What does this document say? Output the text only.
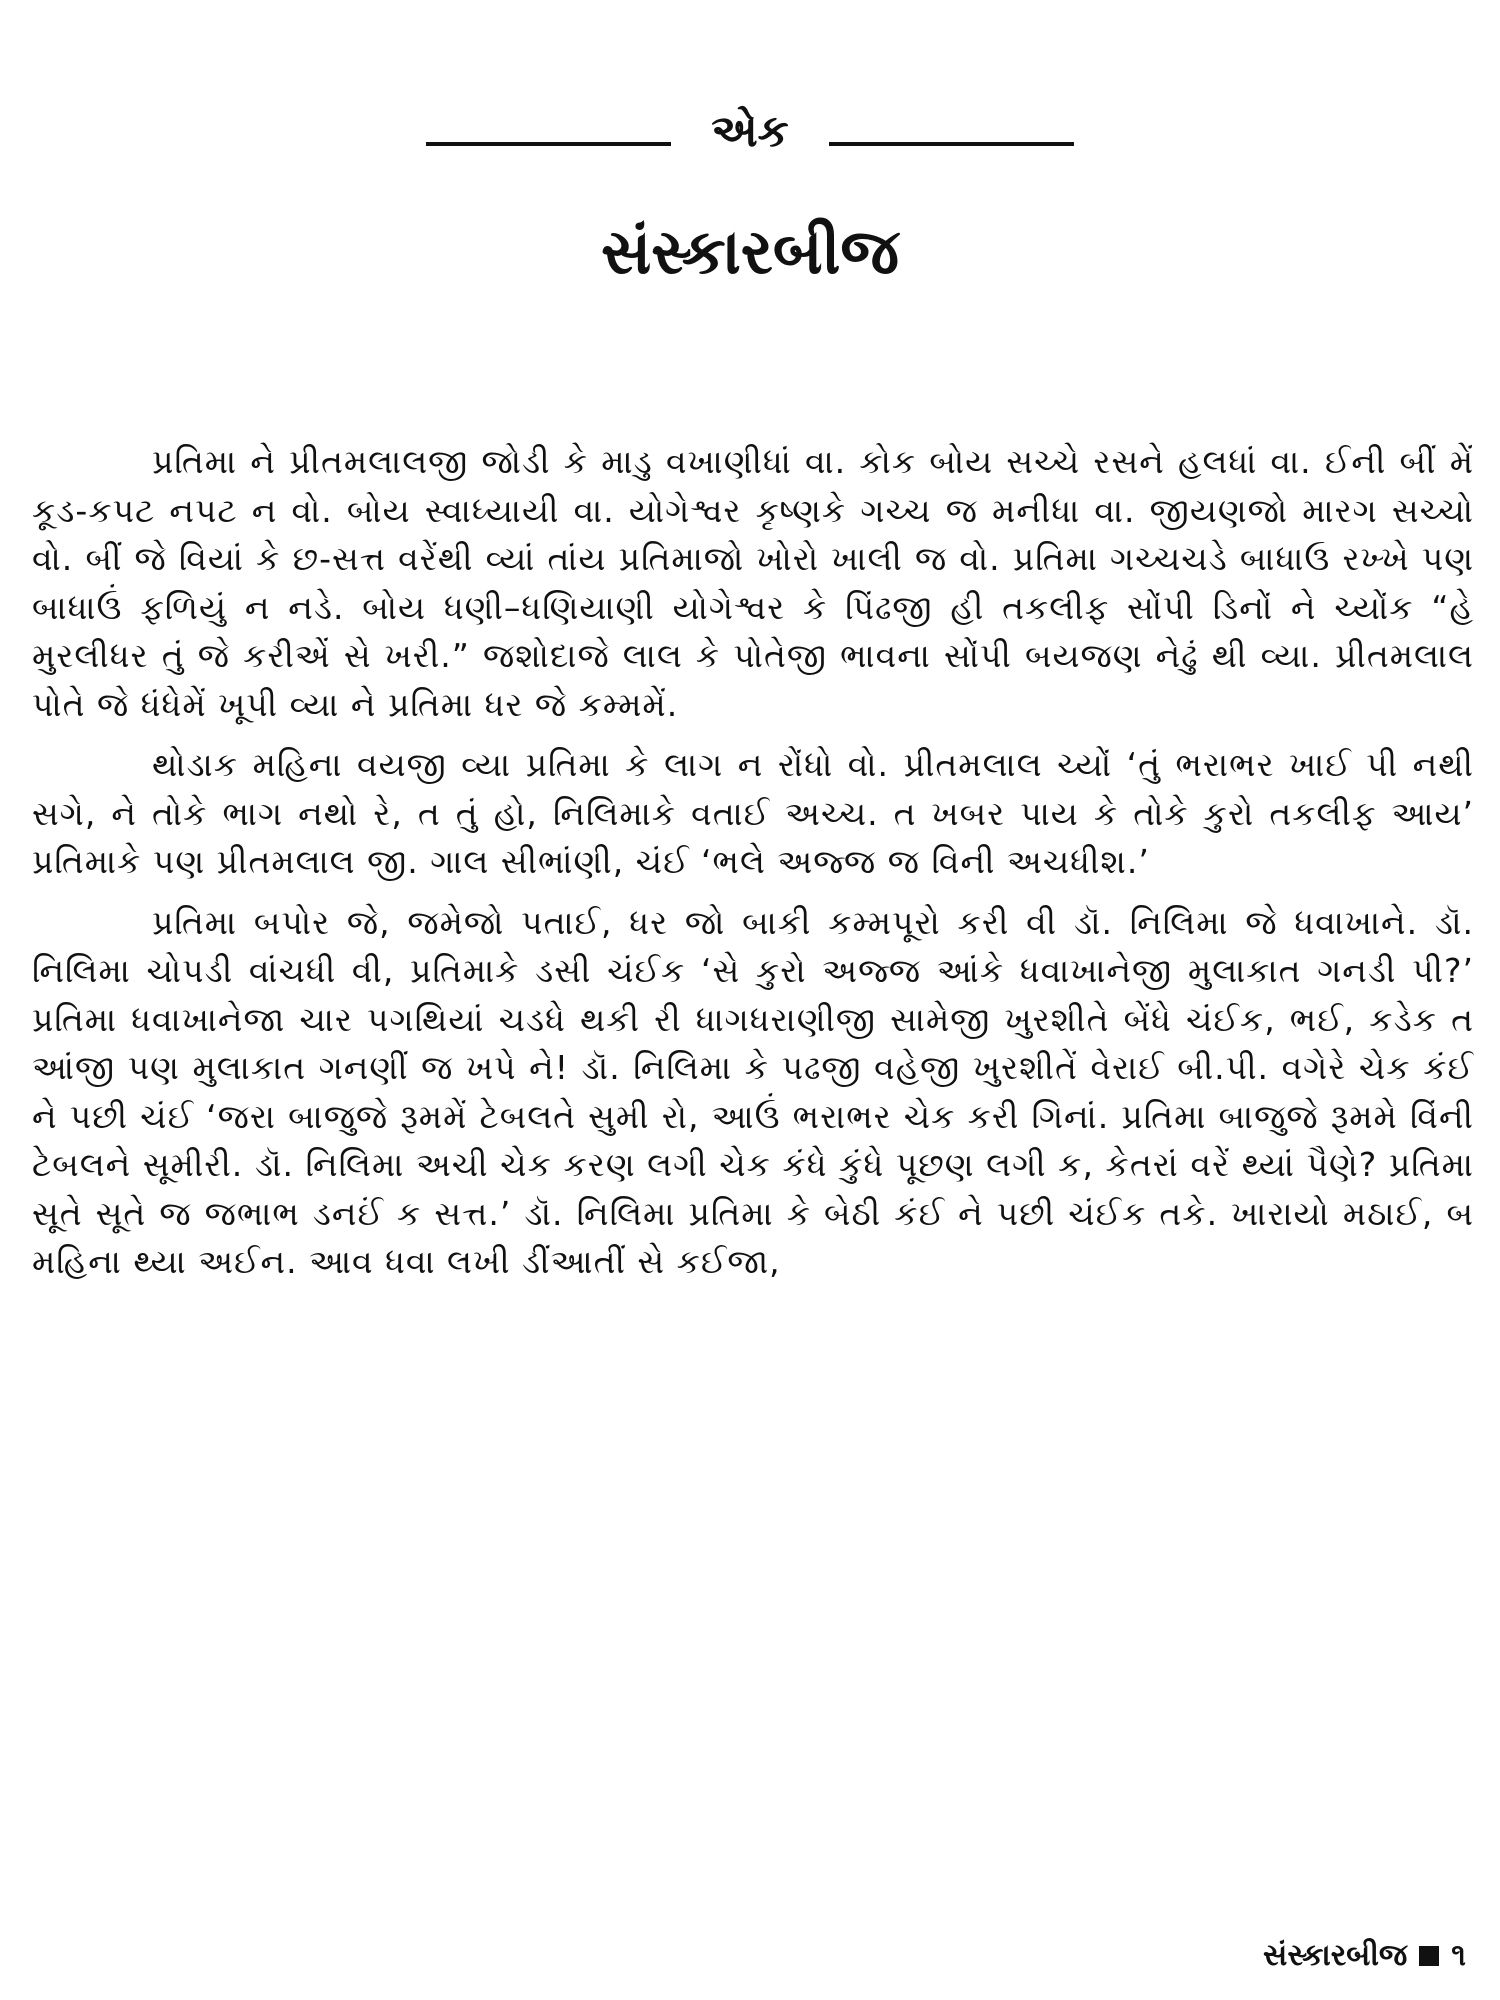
એક
સંસ્કારબીજ

પ્રતિમા ને પ્રીતમલાલજી જોડી કે માડુ વખાણીધાં વા. કોક બોય સચ્ચે રસને હલધાં વા. ઈની બીં મેં કૂડ-કપટ નપટ ન વો. બોય સ્વાધ્યાયી વા. યોગેશ્વર કૃષ્ણકે ગચ્ચ જ મનીધા વા. જીયણજો મારગ સચ્ચો વો. બીં જે વિયાં કે છ-સત્ત વરેંથી વ્યાં તાંય પ્રતિમાજો ખોરો ખાલી જ વો. પ્રતિમા ગચ્ચચડે બાધાઉ રખ્ખે પણ બાધાઉં ફળિયું ન નડે. બોય ધણી–ધણિયાણી યોગેશ્વર કે પિંઢજી હી તકલીફ સોંપી ડિનોં ને ચ્યોંક “હે મુરલીધર તું જે કરીએં સે ખરી.” જશોદાજે લાલ કે પોતેજી ભાવના સોંપી બયજણ નેઢું થી વ્યા. પ્રીતમલાલ પોતે જે ધંધેમેં ખૂપી વ્યા ને પ્રતિમા ધર જે કમ્મમેં.

થોડાક મહિના વયજી વ્યા પ્રતિમા કે લાગ ન રોંધો વો. પ્રીતમલાલ ચ્યોં ‘તું ભરાભર ખાઈ પી નથી સગે, ને તોકે ભાગ નથો રે, ત તું હો, નિલિમાકે વતાઈ અચ્ચ. ત ખબર પાય કે તોકે કુરો તકલીફ આય’ પ્રતિમાકે પણ પ્રીતમલાલ જી. ગાલ સીભાંણી, ચંઈ ‘ભલે અજ્જ જ વિની અચધીશ.’

પ્રતિમા બપોર જે, જમેજો પતાઈ, ધર જો બાકી કમ્મપૂરો કરી વી ડૉ. નિલિમા જે ધવાખાને. ડૉ. નિલિમા ચોપડી વાંચધી વી, પ્રતિમાકે ડસી ચંઈક ‘સે કુરો અજ્જ આંકે ધવાખાનેજી મુલાકાત ગનડી પી?’ પ્રતિમા ધવાખાનેજા ચાર પગથિયાં ચડધે થકી રી ધાગધરાણીજી સામેજી ખુરશીતે બેંધે ચંઈક, ભઈ, કડેક ત આંજી પણ મુલાકાત ગનણીં જ ખપે ને! ડૉ. નિલિમા કે પઢજી વહેજી ખુરશીતેં વેરાઈ બી.પી. વગેરે ચેક કંઈ ને પછી ચંઈ ‘જરા બાજુજે રૂમમેં ટેબલતે સુમી રો, આઉં ભરાભર ચેક કરી ગિનાં. પ્રતિમા બાજુજે રૂમમે વિંની ટેબલને સૂમીરી. ડૉ. નિલિમા અચી ચેક કરણ લગી ચેક કંધે કુંધે પૂછણ લગી ક, કેતરાં વરેં થ્યાં પૈણે? પ્રતિમા સૂતે સૂતે જ જભાભ ડનઈં ક સત્ત.’ ડૉ. નિલિમા પ્રતિમા કે બેઠી કંઈ ને પછી ચંઈક તકે. ખારાયો મઠાઈ, બ મહિના થ્યા અઈન. આવ ધવા લખી ડીંઆતીં સે કઈજા,

સંસ્કારબીજ ૧
